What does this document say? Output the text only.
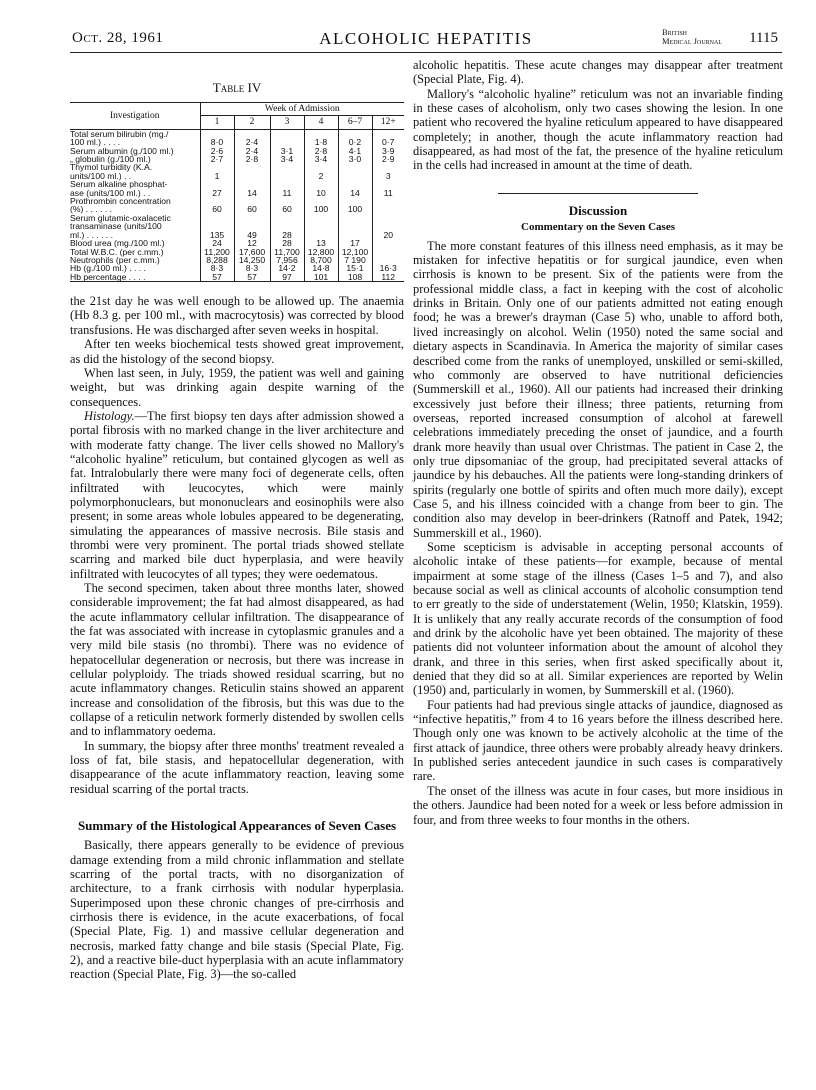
Oct. 28, 1961	ALCOHOLIC HEPATITIS	British
Medical Journal 1115
Table IV
Investigation	Week of Admission					
	1	2	3	4	6–7	12+
Total serum bilirubin (mg./
100 ml.) . . . .	8·0	2·4		1·8	0·2	0·7
Serum albumin (g./100 ml.)	2·6	2·4	3·1	2·8	4·1	3·9
„ globulin (g./100 ml.)	2·7	2·8	3·4	3·4	3·0	2·9
Thymol turbidity (K.A.
units/100 ml.) . .	1			2		3
Serum alkaline phosphat-
ase (units/100 ml.) . .	27	14	11	10	14	11
Prothrombin concentration
(%) . . . . . .	60	60	60	100	100	
Serum glutamic-oxalacetic
transaminase (units/100
ml.) . . . . . .	135	49	28			20
Blood urea (mg./100 ml.)	24	12	28	13	17	
Total W.B.C. (per c.mm.)	11,200	17,600	11,700	12,800	12,100	
Neutrophils (per c.mm.)	8,288	14,250	7,956	8,700	7 190	
Hb (g./100 ml.) . . . .	8·3	8·3	14·2	14·8	15·1	16·3
Hb percentage . . . .	57	57	97	101	108	112

the 21st day he was well enough to be allowed up. The anaemia (Hb 8.3 g. per 100 ml., with macrocytosis) was corrected by blood transfusions. He was discharged after seven weeks in hospital.

After ten weeks biochemical tests showed great improvement, as did the histology of the second biopsy.

When last seen, in July, 1959, the patient was well and gaining weight, but was drinking again despite warning of the consequences.

Histology.—The first biopsy ten days after admission showed a portal fibrosis with no marked change in the liver architecture and with moderate fatty change. The liver cells showed no Mallory's “alcoholic hyaline” reticulum, but contained glycogen as well as fat. Intralobularly there were many foci of degenerate cells, often infiltrated with leucocytes, which were mainly polymorphonuclears, but mononuclears and eosinophils were also present; in some areas whole lobules appeared to be degenerating, simulating the appearances of massive necrosis. Bile stasis and thrombi were very prominent. The portal triads showed stellate scarring and marked bile duct hyperplasia, and were heavily infiltrated with leucocytes of all types; they were oedematous.

The second specimen, taken about three months later, showed considerable improvement; the fat had almost disappeared, as had the acute inflammatory cellular infiltration. The disappearance of the fat was associated with increase in cytoplasmic granules and a very mild bile stasis (no thrombi). There was no evidence of hepatocellular degeneration or necrosis, but there was increase in cellular polyploidy. The triads showed residual scarring, but no acute inflammatory changes. Reticulin stains showed an apparent increase and consolidation of the fibrosis, but this was due to the collapse of a reticulin network formerly distended by swollen cells and to inflammatory oedema.

In summary, the biopsy after three months' treatment revealed a loss of fat, bile stasis, and hepatocellular degeneration, with disappearance of the acute inflammatory reaction, leaving some residual scarring of the portal tracts.

Summary of the Histological Appearances of Seven Cases

Basically, there appears generally to be evidence of previous damage extending from a mild chronic inflammation and stellate scarring of the portal tracts, with no disorganization of architecture, to a frank cirrhosis with nodular hyperplasia. Superimposed upon these chronic changes of pre-cirrhosis and cirrhosis there is evidence, in the acute exacerbations, of focal (Special Plate, Fig. 1) and massive cellular degeneration and necrosis, marked fatty change and bile stasis (Special Plate, Fig. 2), and a reactive bile-duct hyperplasia with an acute inflammatory reaction (Special Plate, Fig. 3)—the so-called

alcoholic hepatitis. These acute changes may disappear after treatment (Special Plate, Fig. 4).

Mallory's “alcoholic hyaline” reticulum was not an invariable finding in these cases of alcoholism, only two cases showing the lesion. In one patient who recovered the hyaline reticulum appeared to have disappeared completely; in another, though the acute inflammatory reaction had disappeared, as had most of the fat, the presence of the hyaline reticulum in the cells had increased in amount at the time of death.

Discussion
Commentary on the Seven Cases

The more constant features of this illness need emphasis, as it may be mistaken for infective hepatitis or for surgical jaundice, even when cirrhosis is known to be present. Six of the patients were from the professional middle class, a fact in keeping with the cost of alcoholic drinks in Britain. Only one of our patients admitted not eating enough food; he was a brewer's drayman (Case 5) who, unable to afford both, lived increasingly on alcohol. Welin (1950) noted the same social and dietary aspects in Scandinavia. In America the majority of similar cases described come from the ranks of unemployed, unskilled or semi-skilled, who commonly are observed to have nutritional deficiencies (Summerskill et al., 1960). All our patients had increased their drinking excessively just before their illness; three patients, returning from overseas, reported increased consumption of alcohol at farewell celebrations immediately preceding the onset of jaundice, and a fourth drank more heavily than usual over Christmas. The patient in Case 2, the only true dipsomaniac of the group, had precipitated several attacks of jaundice by his debauches. All the patients were long-standing drinkers of spirits (regularly one bottle of spirits and often much more daily), except Case 5, and his illness coincided with a change from beer to gin. The condition also may develop in beer-drinkers (Ratnoff and Patek, 1942; Summerskill et al., 1960).

Some scepticism is advisable in accepting personal accounts of alcoholic intake of these patients—for example, because of mental impairment at some stage of the illness (Cases 1–5 and 7), and also because social as well as clinical accounts of alcoholic consumption tend to err greatly to the side of understatement (Welin, 1950; Klatskin, 1959). It is unlikely that any really accurate records of the consumption of food and drink by the alcoholic have yet been obtained. The majority of these patients did not volunteer information about the amount of alcohol they drank, and three in this series, when first asked specifically about it, denied that they did so at all. Similar experiences are reported by Welin (1950) and, particularly in women, by Summerskill et al. (1960).

Four patients had had previous single attacks of jaundice, diagnosed as “infective hepatitis,” from 4 to 16 years before the illness described here. Though only one was known to be actively alcoholic at the time of the first attack of jaundice, three others were probably already heavy drinkers. In published series antecedent jaundice in such cases is comparatively rare.

The onset of the illness was acute in four cases, but more insidious in the others. Jaundice had been noted for a week or less before admission in four, and from three weeks to four months in the others.
